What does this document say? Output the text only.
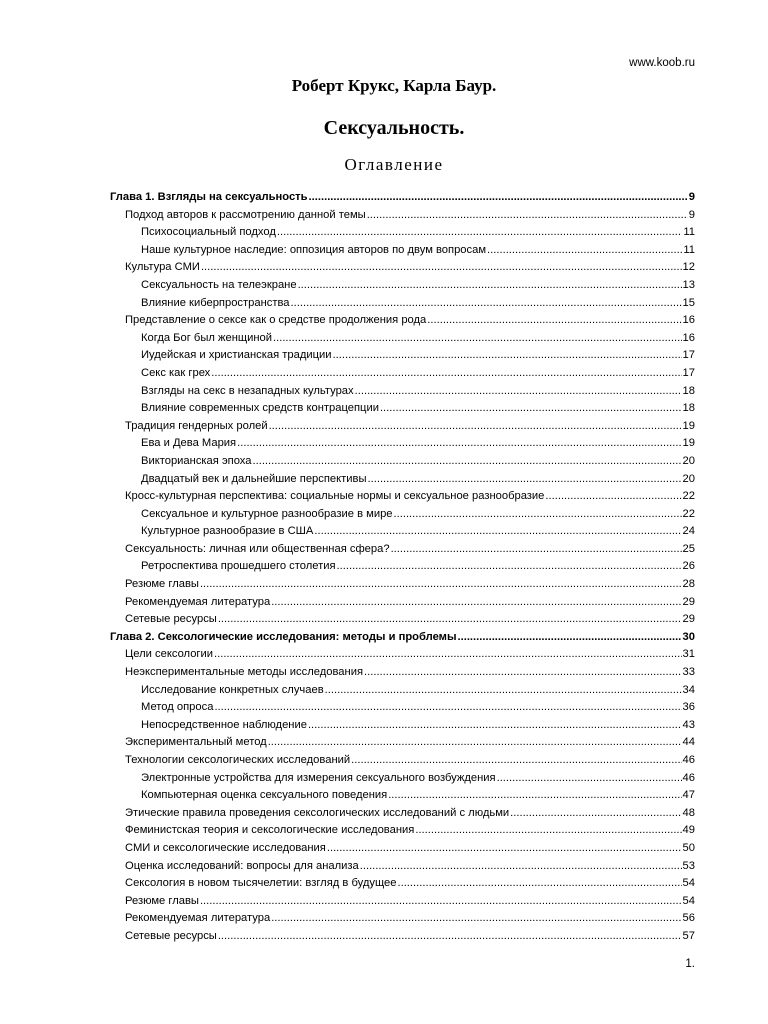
www.koob.ru
Роберт Крукс, Карла Баур.
Сексуальность.
Оглавление
Глава 1. Взгляды на сексуальность .....	9
Подход авторов к рассмотрению данной темы .....	9
Психосоциальный подход .....	11
Наше культурное наследие: оппозиция авторов по двум вопросам .....	11
Культура СМИ .....	12
Сексуальность на телеэкране .....	13
Влияние киберпространства .....	15
Представление о сексе как о средстве продолжения рода .....	16
Когда Бог был женщиной .....	16
Иудейская и христианская традиции .....	17
Секс как грех .....	17
Взгляды на секс в незападных культурах .....	18
Влияние современных средств контрацепции .....	18
Традиция гендерных ролей .....	19
Ева и Дева Мария .....	19
Викторианская эпоха .....	20
Двадцатый век и дальнейшие перспективы .....	20
Кросс-культурная перспектива: социальные нормы и сексуальное разнообразие .....	22
Сексуальное и культурное разнообразие в мире .....	22
Культурное разнообразие в США .....	24
Сексуальность: личная или общественная сфера? .....	25
Ретроспектива прошедшего столетия .....	26
Резюме главы .....	28
Рекомендуемая литература .....	29
Сетевые ресурсы .....	29
Глава 2. Сексологические исследования: методы и проблемы .....	30
Цели сексологии .....	31
Неэкспериментальные методы исследования .....	33
Исследование конкретных случаев .....	34
Метод опроса .....	36
Непосредственное наблюдение .....	43
Экспериментальный метод .....	44
Технологии сексологических исследований .....	46
Электронные устройства для измерения сексуального возбуждения .....	46
Компьютерная оценка сексуального поведения .....	47
Этические правила проведения сексологических исследований с людьми .....	48
Феминистская теория и сексологические исследования .....	49
СМИ и сексологические исследования .....	50
Оценка исследований: вопросы для анализа .....	53
Сексология в новом тысячелетии: взгляд в будущее .....	54
Резюме главы .....	54
Рекомендуемая литература .....	56
Сетевые ресурсы .....	57
1.
